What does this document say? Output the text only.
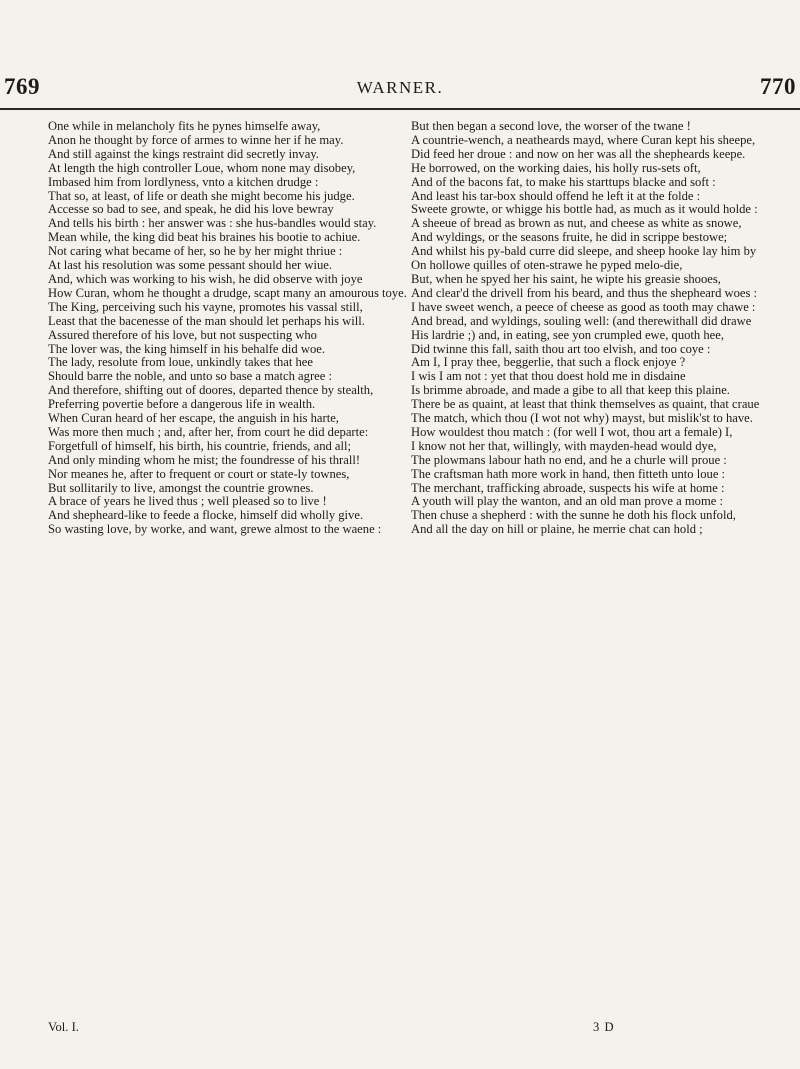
769	WARNER.	770

One while in melancholy fits he pynes himselfe away,

Anon he thought by force of armes to winne her if he may.

And still against the kings restraint did secretly invay.

At length the high controller Loue, whom none may disobey,

Imbased him from lordlyness, vnto a kitchen drudge :

That so, at least, of life or death she might become his judge.

Accesse so bad to see, and speak, he did his love bewray

And tells his birth : her answer was : she hus-bandles would stay.

Mean while, the king did beat his braines his bootie to achiue.

Not caring what became of her, so he by her might thriue :

At last his resolution was some pessant should her wiue.

And, which was working to his wish, he did observe with joye

How Curan, whom he thought a drudge, scapt many an amourous toye.

The King, perceiving such his vayne, promotes his vassal still,

Least that the bacenesse of the man should let perhaps his will.

Assured therefore of his love, but not suspecting who

The lover was, the king himself in his behalfe did woe.

The lady, resolute from loue, unkindly takes that hee

Should barre the noble, and unto so base a match agree :

And therefore, shifting out of doores, departed thence by stealth,

Preferring povertie before a dangerous life in wealth.

When Curan heard of her escape, the anguish in his harte,

Was more then much ; and, after her, from court he did departe:

Forgetfull of himself, his birth, his countrie, friends, and all;

And only minding whom he mist; the foundresse of his thrall!

Nor meanes he, after to frequent or court or state-ly townes,

But sollitarily to live, amongst the countrie grownes.

A brace of years he lived thus ; well pleased so to live !

And shepheard-like to feede a flocke, himself did wholly give.

So wasting love, by worke, and want, grewe almost to the waene :

But then began a second love, the worser of the twane !

A countrie-wench, a neatheards mayd, where Curan kept his sheepe,

Did feed her droue : and now on her was all the shepheards keepe.

He borrowed, on the working daies, his holly rus-sets oft,

And of the bacons fat, to make his starttups blacke and soft :

And least his tar-box should offend he left it at the folde :

Sweete growte, or whigge his bottle had, as much as it would holde :

A sheeue of bread as brown as nut, and cheese as white as snowe,

And wyldings, or the seasons fruite, he did in scrippe bestowe;

And whilst his py-bald curre did sleepe, and sheep hooke lay him by

On hollowe quilles of oten-strawe he pyped melo-die,

But, when he spyed her his saint, he wipte his greasie shooes,

And clear'd the drivell from his beard, and thus the shepheard woes :

I have sweet wench, a peece of cheese as good as tooth may chawe :

And bread, and wyldings, souling well: (and therewithall did drawe

His lardrie ;) and, in eating, see yon crumpled ewe, quoth hee,

Did twinne this fall, saith thou art too elvish, and too coye :

Am I, I pray thee, beggerlie, that such a flock enjoye ?

I wis I am not : yet that thou doest hold me in disdaine

Is brimme abroade, and made a gibe to all that keep this plaine.

There be as quaint, at least that think themselves as quaint, that craue

The match, which thou (I wot not why) mayst, but mislik'st to have.

How wouldest thou match : (for well I wot, thou art a female) I,

I know not her that, willingly, with mayden-head would dye,

The plowmans labour hath no end, and he a churle will proue :

The craftsman hath more work in hand, then fitteth unto loue :

The merchant, trafficking abroade, suspects his wife at home :

A youth will play the wanton, and an old man prove a mome :

Then chuse a shepherd : with the sunne he doth his flock unfold,

And all the day on hill or plaine, he merrie chat can hold ;

Vol. I.	3 D
